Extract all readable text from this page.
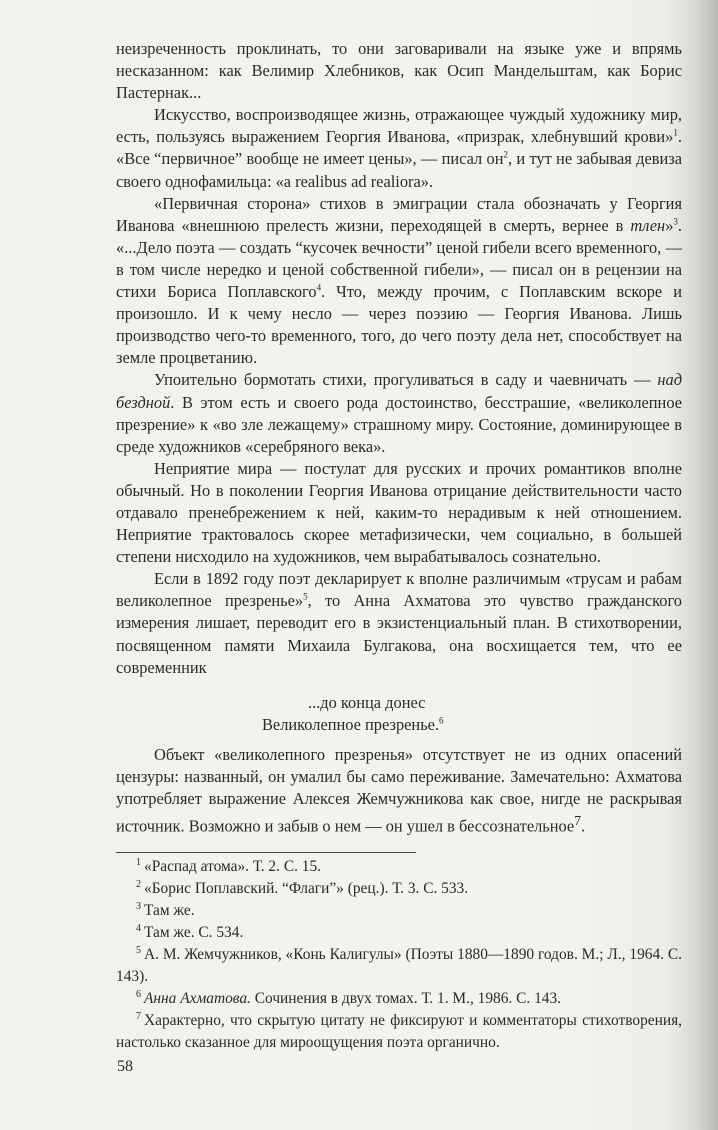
неизреченность проклинать, то они заговаривали на языке уже и впрямь несказанном: как Велимир Хлебников, как Осип Мандельштам, как Борис Пастернак...

Искусство, воспроизводящее жизнь, отражающее чуждый художнику мир, есть, пользуясь выражением Георгия Иванова, «призрак, хлебнувший крови»$^1$. «Все “первичное” вообще не имеет цены», — писал $он^2$, и тут не забывая девиза своего однофамильца: «a realibus ad realiora».

«Первичная сторона» стихов в эмиграции стала обозначать у Георгия Иванова «внешнюю прелесть жизни, переходящей в смерть, вернее в тлен»$^3$. «...Дело поэта — создать “кусочек вечности” ценой гибели всего временного, — в том числе нередко и ценой собственной гибели», — писал он в рецензии на стихи Бориса Поплавского$^4$. Что, между прочим, с Поплавским вскоре и произошло. И к чему несло — через поэзию — Георгия Иванова. Лишь производство чего-то временного, того, до чего поэту дела нет, способствует на земле процветанию.

Упоительно бормотать стихи, прогуливаться в саду и чаевничать — над бездной. В этом есть и своего рода достоинство, бесстрашие, «великолепное презрение» к «во зле лежащему» страшному миру. Состояние, доминирующее в среде художников «серебряного века».

Неприятие мира — постулат для русских и прочих романтиков вполне обычный. Но в поколении Георгия Иванова отрицание действительности часто отдавало пренебрежением к ней, каким-то нерадивым к ней отношением. Неприятие трактовалось скорее метафизически, чем социально, в большей степени нисходило на художников, чем вырабатывалось сознательно.

Если в 1892 году поэт декларирует к вполне различимым «трусам и рабам великолепное презренье»$^5$, то Анна Ахматова это чувство гражданского измерения лишает, переводит его в экзистенциальный план. В стихотворении, посвященном памяти Михаила Булгакова, она восхищается тем, что ее современник

...до конца донес
Великолепное презренье.$^6$

Объект «великолепного презренья» отсутствует не из одних опасений цензуры: названный, он умалил бы само переживание. Замечательно: Ахматова употребляет выражение Алексея Жемчужникова как свое, нигде не раскрывая источник. Возможно и забыв о нем — он ушел в бессознательное$^7$.

$^1$ «Распад атома». Т. 2. С. 15.

$^2$ «Борис Поплавский. “Флаги”» (рец.). Т. 3. С. 533.

$^3$ Там же.

$^4$ Там же. С. 534.

$^5$ А. М. Жемчужников, «Конь Калигулы» (Поэты 1880—1890 годов. М.; Л., 1964. С. 143).

$^6$ Анна Ахматова. Сочинения в двух томах. Т. 1. М., 1986. С. 143.

$^7$ Характерно, что скрытую цитату не фиксируют и комментаторы стихотворения, настолько сказанное для мироощущения поэта органично.

58
